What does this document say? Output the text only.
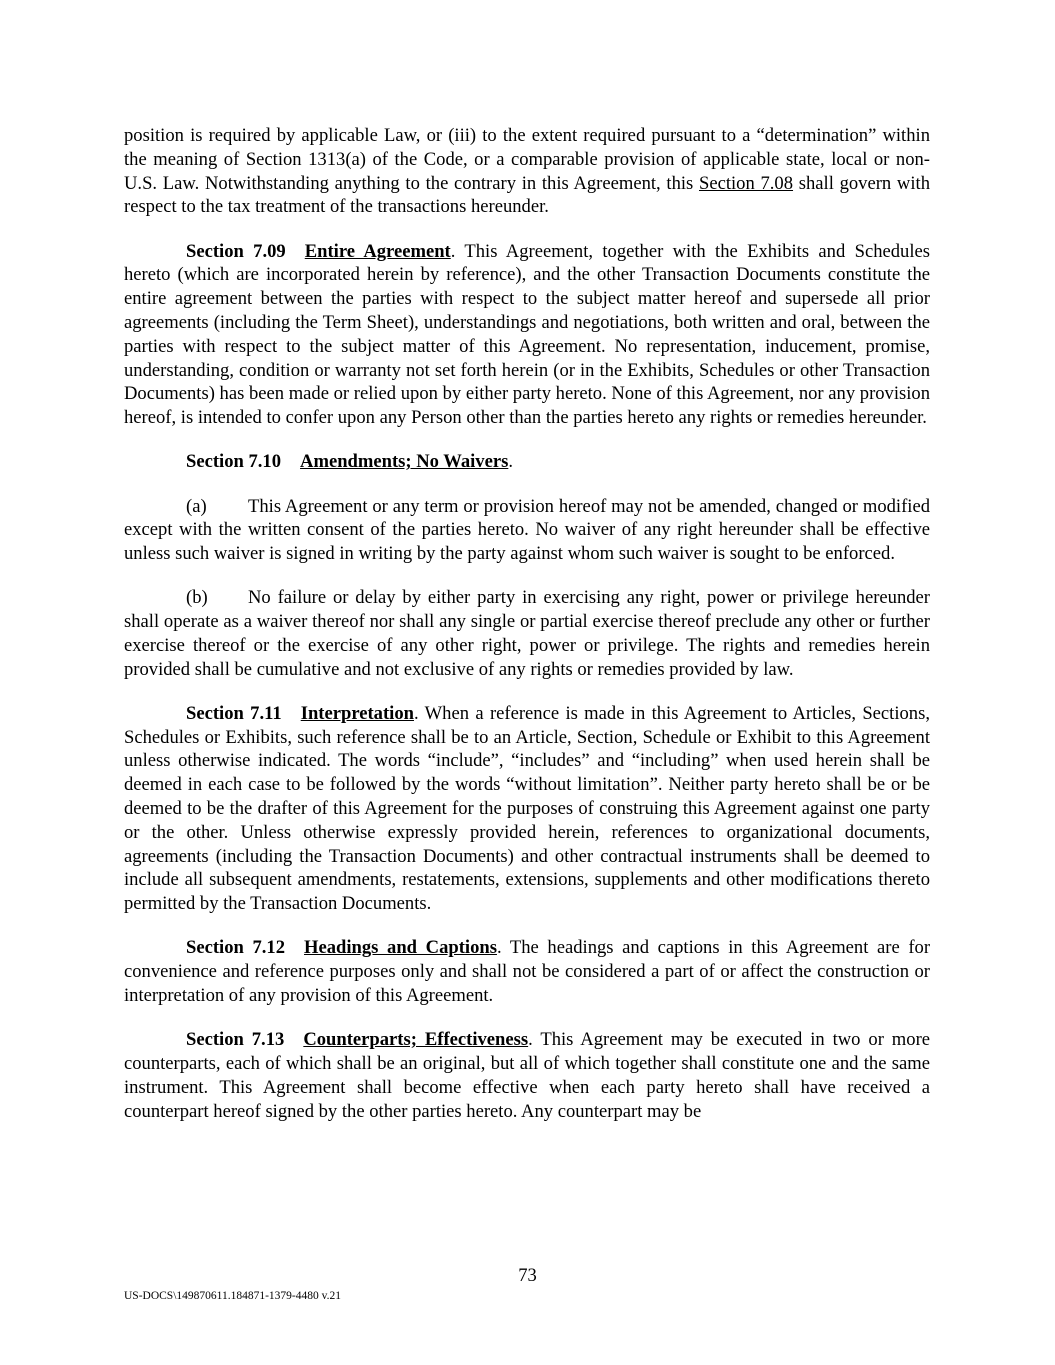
position is required by applicable Law, or (iii) to the extent required pursuant to a “determination” within the meaning of Section 1313(a) of the Code, or a comparable provision of applicable state, local or non-U.S. Law. Notwithstanding anything to the contrary in this Agreement, this Section 7.08 shall govern with respect to the tax treatment of the transactions hereunder.

Section 7.09 Entire Agreement. This Agreement, together with the Exhibits and Schedules hereto (which are incorporated herein by reference), and the other Transaction Documents constitute the entire agreement between the parties with respect to the subject matter hereof and supersede all prior agreements (including the Term Sheet), understandings and negotiations, both written and oral, between the parties with respect to the subject matter of this Agreement. No representation, inducement, promise, understanding, condition or warranty not set forth herein (or in the Exhibits, Schedules or other Transaction Documents) has been made or relied upon by either party hereto. None of this Agreement, nor any provision hereof, is intended to confer upon any Person other than the parties hereto any rights or remedies hereunder.

Section 7.10 Amendments; No Waivers.

(a) This Agreement or any term or provision hereof may not be amended, changed or modified except with the written consent of the parties hereto. No waiver of any right hereunder shall be effective unless such waiver is signed in writing by the party against whom such waiver is sought to be enforced.

(b) No failure or delay by either party in exercising any right, power or privilege hereunder shall operate as a waiver thereof nor shall any single or partial exercise thereof preclude any other or further exercise thereof or the exercise of any other right, power or privilege. The rights and remedies herein provided shall be cumulative and not exclusive of any rights or remedies provided by law.

Section 7.11 Interpretation. When a reference is made in this Agreement to Articles, Sections, Schedules or Exhibits, such reference shall be to an Article, Section, Schedule or Exhibit to this Agreement unless otherwise indicated. The words “include”, “includes” and “including” when used herein shall be deemed in each case to be followed by the words “without limitation”. Neither party hereto shall be or be deemed to be the drafter of this Agreement for the purposes of construing this Agreement against one party or the other. Unless otherwise expressly provided herein, references to organizational documents, agreements (including the Transaction Documents) and other contractual instruments shall be deemed to include all subsequent amendments, restatements, extensions, supplements and other modifications thereto permitted by the Transaction Documents.

Section 7.12 Headings and Captions. The headings and captions in this Agreement are for convenience and reference purposes only and shall not be considered a part of or affect the construction or interpretation of any provision of this Agreement.

Section 7.13 Counterparts; Effectiveness. This Agreement may be executed in two or more counterparts, each of which shall be an original, but all of which together shall constitute one and the same instrument. This Agreement shall become effective when each party hereto shall have received a counterpart hereof signed by the other parties hereto. Any counterpart may be

73
US-DOCS\149870611.184871-1379-4480 v.21
